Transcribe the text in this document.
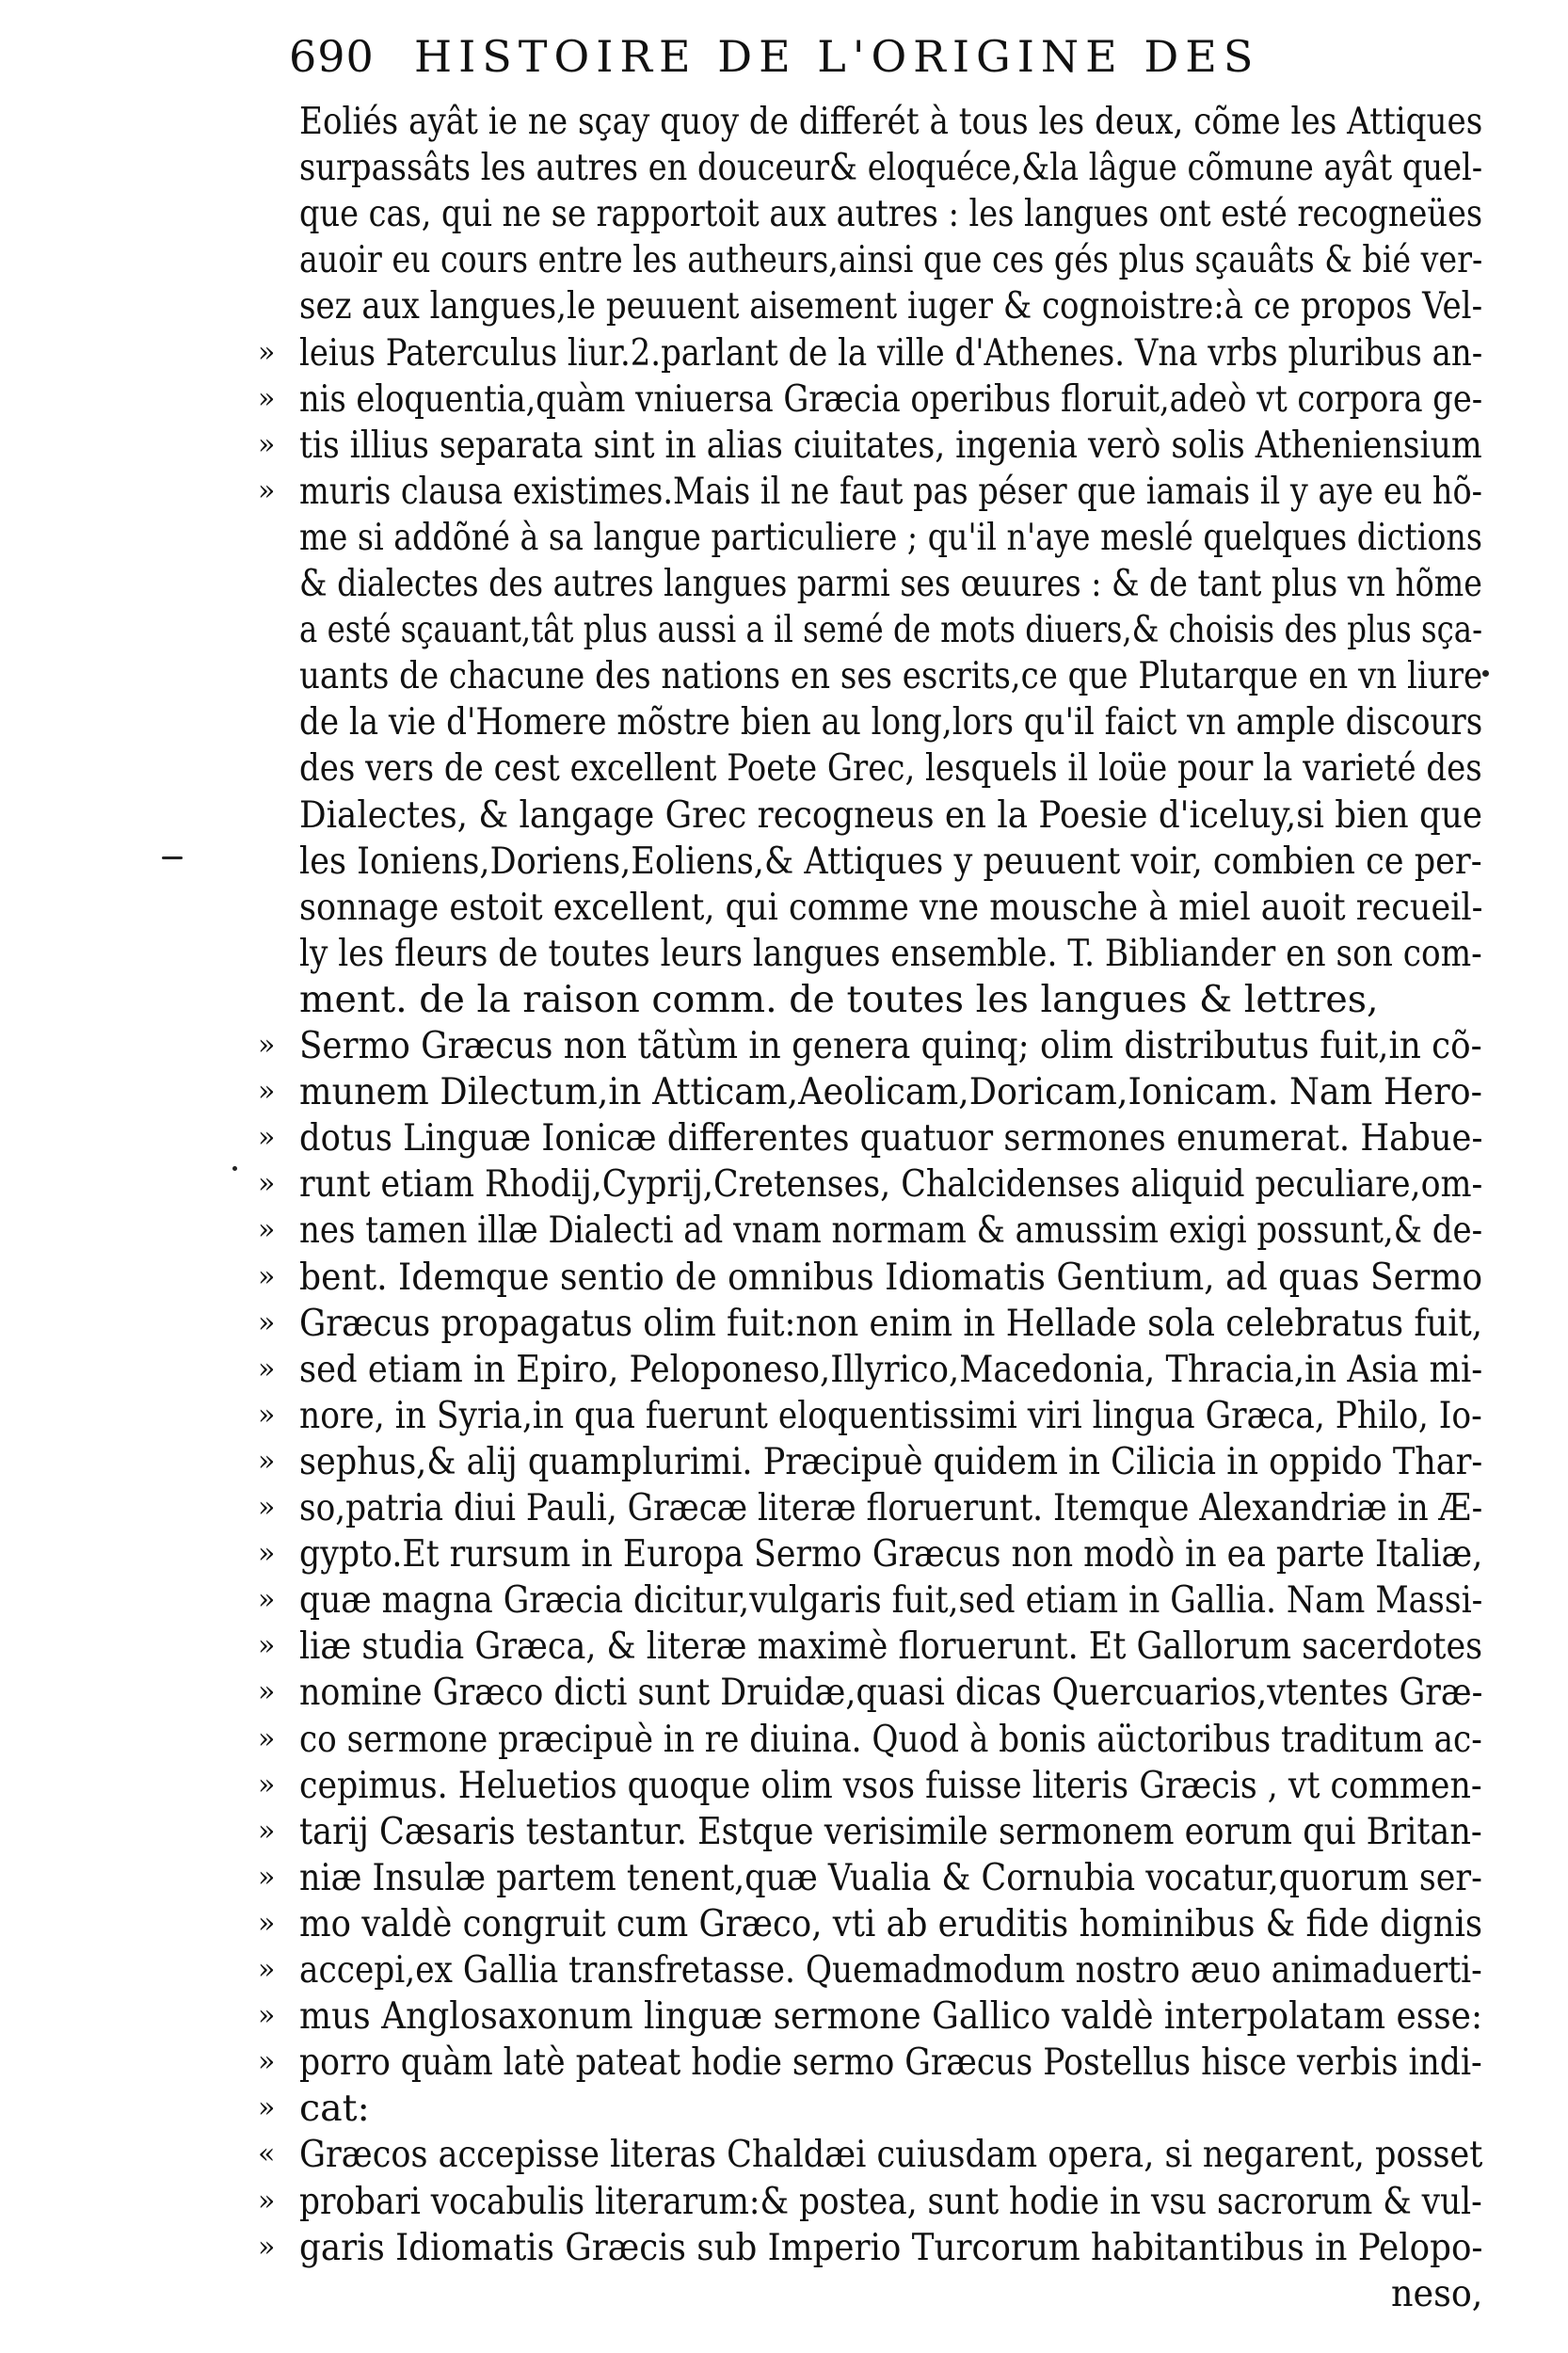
690 HISTOIRE DE L'ORIGINE DES
Eoliés ayât ie ne sçay quoy de differét à tous les deux, cõme les Attiques
surpassâts les autres en douceur& eloquéce,&la lâgue cõmune ayât quel-
que cas, qui ne se rapportoit aux autres : les langues ont esté recogneües
auoir eu cours entre les autheurs,ainsi que ces gés plus sçauâts & bié ver-
sez aux langues,le peuuent aisement iuger & cognoistre:à ce propos Vel-
» leius Paterculus liur.2.parlant de la ville d'Athenes. Vna vrbs pluribus an-
» nis eloquentia,quàm vniuersa Græcia operibus floruit,adeò vt corpora ge-
» tis illius separata sint in alias ciuitates, ingenia verò solis Atheniensium
» muris clausa existimes.Mais il ne faut pas péser que iamais il y aye eu hõ-
me si addõné à sa langue particuliere ; qu'il n'aye meslé quelques dictions
& dialectes des autres langues parmi ses œuures : & de tant plus vn hõme
a esté sçauant,tât plus aussi a il semé de mots diuers,& choisis des plus sça-
uants de chacune des nations en ses escrits,ce que Plutarque en vn liure
de la vie d'Homere mõstre bien au long,lors qu'il faict vn ample discours
des vers de cest excellent Poete Grec, lesquels il loüe pour la varieté des
Dialectes, & langage Grec recogneus en la Poesie d'iceluy,si bien que
les Ioniens,Doriens,Eoliens,& Attiques y peuuent voir, combien ce per-
sonnage estoit excellent, qui comme vne mousche à miel auoit recueil-
ly les fleurs de toutes leurs langues ensemble. T. Bibliander en son com-
ment. de la raison comm. de toutes les langues & lettres,
» Sermo Græcus non tãtùm in genera quinq; olim distributus fuit,in cõ-
» munem Dilectum,in Atticam,Aeolicam,Doricam,Ionicam. Nam Hero-
» dotus Linguæ Ionicæ differentes quatuor sermones enumerat. Habue-
» runt etiam Rhodij,Cyprij,Cretenses, Chalcidenses aliquid peculiare,om-
» nes tamen illæ Dialecti ad vnam normam & amussim exigi possunt,& de-
» bent. Idemque sentio de omnibus Idiomatis Gentium, ad quas Sermo
» Græcus propagatus olim fuit:non enim in Hellade sola celebratus fuit,
» sed etiam in Epiro, Peloponeso,Illyrico,Macedonia, Thracia,in Asia mi-
» nore, in Syria,in qua fuerunt eloquentissimi viri lingua Græca, Philo, Io-
» sephus,& alij quamplurimi. Præcipuè quidem in Cilicia in oppido Thar-
» so,patria diui Pauli, Græcæ literæ floruerunt. Itemque Alexandriæ in Æ-
» gypto.Et rursum in Europa Sermo Græcus non modò in ea parte Italiæ,
» quæ magna Græcia dicitur,vulgaris fuit,sed etiam in Gallia. Nam Massi-
» liæ studia Græca, & literæ maximè floruerunt. Et Gallorum sacerdotes
» nomine Græco dicti sunt Druidæ,quasi dicas Quercuarios,vtentes Græ-
» co sermone præcipuè in re diuina. Quod à bonis aüctoribus traditum ac-
» cepimus. Heluetios quoque olim vsos fuisse literis Græcis , vt commen-
» tarij Cæsaris testantur. Estque verisimile sermonem eorum qui Britan-
» niæ Insulæ partem tenent,quæ Vualia & Cornubia vocatur,quorum ser-
» mo valdè congruit cum Græco, vti ab eruditis hominibus & fide dignis
» accepi,ex Gallia transfretasse. Quemadmodum nostro æuo animaduerti-
» mus Anglosaxonum linguæ sermone Gallico valdè interpolatam esse:
» porro quàm latè pateat hodie sermo Græcus Postellus hisce verbis indi-
» cat:
« Græcos accepisse literas Chaldæi cuiusdam opera, si negarent, posset
» probari vocabulis literarum:& postea, sunt hodie in vsu sacrorum & vul-
» garis Idiomatis Græcis sub Imperio Turcorum habitantibus in Pelopo-
neso,
